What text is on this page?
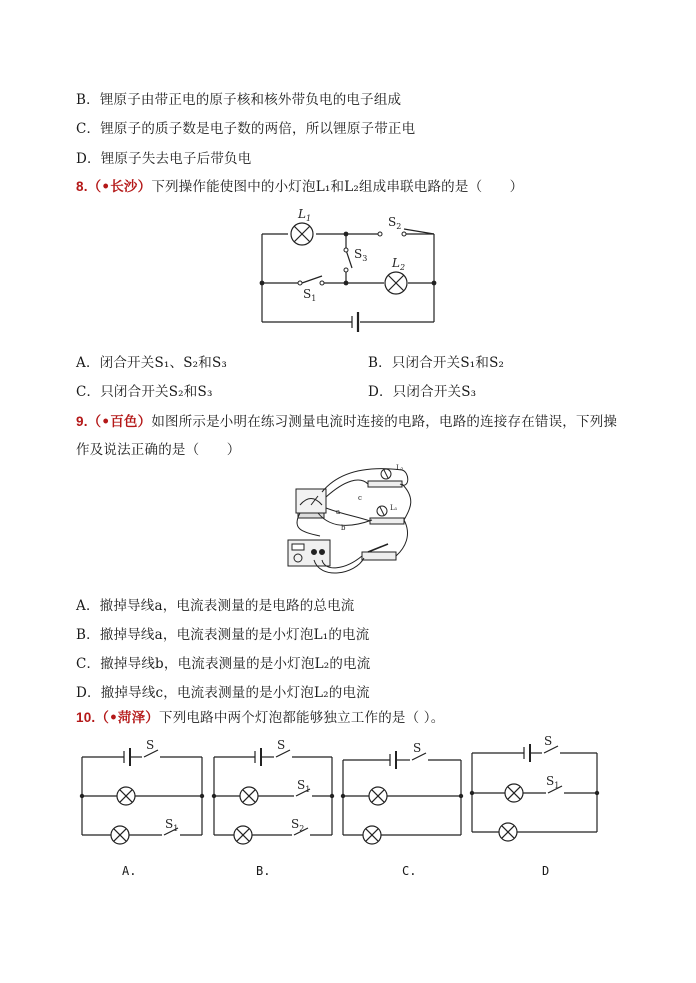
B．锂原子由带正电的原子核和核外带负电的电子组成
C．锂原子的质子数是电子数的两倍，所以锂原子带正电
D．锂原子失去电子后带负电
8.（•长沙）下列操作能使图中的小灯泡L₁和L₂组成串联电路的是（　　）
$L_1$	$S_2$
$S_3$ $L_2$
$S_1$
A．闭合开关S₁、S₂和S₃	B．只闭合开关S₁和S₂
C．只闭合开关S₂和S₃	D．只闭合开关S₃
9.（•百色）如图所示是小明在练习测量电流时连接的电路，电路的连接存在错误，下列操
作及说法正确的是（　　）
L₂
L₁
a
b
c
A．撤掉导线a，电流表测量的是电路的总电流
B．撤掉导线a，电流表测量的是小灯泡L₁的电流
C．撤掉导线b，电流表测量的是小灯泡L₂的电流
D．撤掉导线c，电流表测量的是小灯泡L₂的电流
10.（•菏泽）下列电路中两个灯泡都能够独立工作的是（ ）。
S
$S_1$
S
$S_1$
$S_2$
S	S
$S_1$
A.	B.	C.	D
